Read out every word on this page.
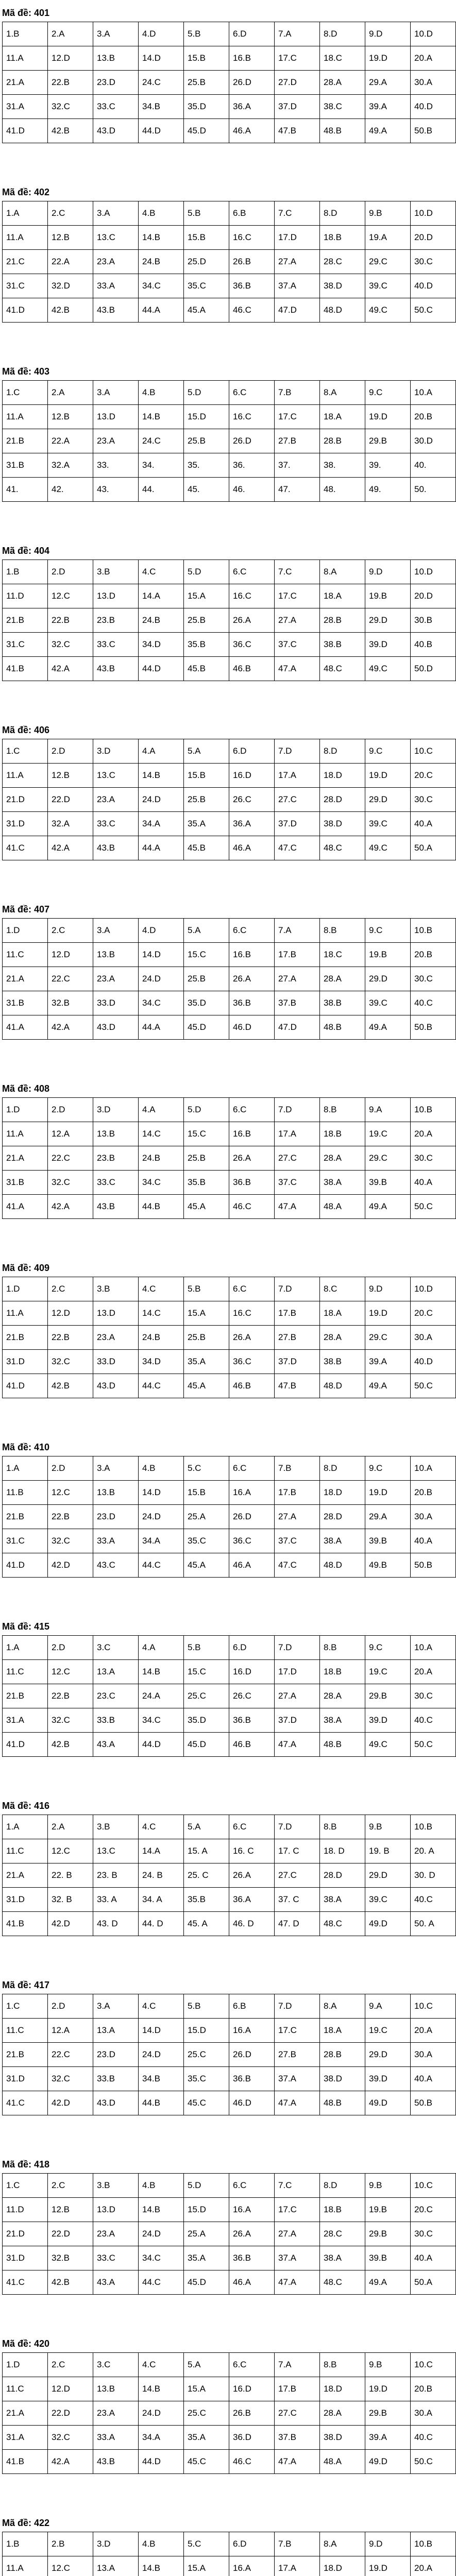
Mã đề: 401
1.B	2.A	3.A	4.D	5.B	6.D	7.A	8.D	9.D	10.D
11.A	12.D	13.B	14.D	15.B	16.B	17.C	18.C	19.D	20.A
21.A	22.B	23.D	24.C	25.B	26.D	27.D	28.A	29.A	30.A
31.A	32.C	33.C	34.B	35.D	36.A	37.D	38.C	39.A	40.D
41.D	42.B	43.D	44.D	45.D	46.A	47.B	48.B	49.A	50.B
Mã đề: 402
1.A	2.C	3.A	4.B	5.B	6.B	7.C	8.D	9.B	10.D
11.A	12.B	13.C	14.B	15.B	16.C	17.D	18.B	19.A	20.D
21.C	22.A	23.A	24.B	25.D	26.B	27.A	28.C	29.C	30.C
31.C	32.D	33.A	34.C	35.C	36.B	37.A	38.D	39.C	40.D
41.D	42.B	43.B	44.A	45.A	46.C	47.D	48.D	49.C	50.C
Mã đề: 403
1.C	2.A	3.A	4.B	5.D	6.C	7.B	8.A	9.C	10.A
11.A	12.B	13.D	14.B	15.D	16.C	17.C	18.A	19.D	20.B
21.B	22.A	23.A	24.C	25.B	26.D	27.B	28.B	29.B	30.D
31.B	32.A	33.	34.	35.	36.	37.	38.	39.	40.
41.	42.	43.	44.	45.	46.	47.	48.	49.	50.
Mã đề: 404
1.B	2.D	3.B	4.C	5.D	6.C	7.C	8.A	9.D	10.D
11.D	12.C	13.D	14.A	15.A	16.C	17.C	18.A	19.B	20.D
21.B	22.B	23.B	24.B	25.B	26.A	27.A	28.B	29.D	30.B
31.C	32.C	33.C	34.D	35.B	36.C	37.C	38.B	39.D	40.B
41.B	42.A	43.B	44.D	45.B	46.B	47.A	48.C	49.C	50.D
Mã đề: 406
1.C	2.D	3.D	4.A	5.A	6.D	7.D	8.D	9.C	10.C
11.A	12.B	13.C	14.B	15.B	16.D	17.A	18.D	19.D	20.C
21.D	22.D	23.A	24.D	25.B	26.C	27.C	28.D	29.D	30.C
31.D	32.A	33.C	34.A	35.A	36.A	37.D	38.D	39.C	40.A
41.C	42.A	43.B	44.A	45.B	46.A	47.C	48.C	49.C	50.A
Mã đề: 407
1.D	2.C	3.A	4.D	5.A	6.C	7.A	8.B	9.C	10.B
11.C	12.D	13.B	14.D	15.C	16.B	17.B	18.C	19.B	20.B
21.A	22.C	23.A	24.D	25.B	26.A	27.A	28.A	29.D	30.C
31.B	32.B	33.D	34.C	35.D	36.B	37.B	38.B	39.C	40.C
41.A	42.A	43.D	44.A	45.D	46.D	47.D	48.B	49.A	50.B
Mã đề: 408
1.D	2.D	3.D	4.A	5.D	6.C	7.D	8.B	9.A	10.B
11.A	12.A	13.B	14.C	15.C	16.B	17.A	18.B	19.C	20.A
21.A	22.C	23.B	24.B	25.B	26.A	27.C	28.A	29.C	30.C
31.B	32.C	33.C	34.C	35.B	36.B	37.C	38.A	39.B	40.A
41.A	42.A	43.B	44.B	45.A	46.C	47.A	48.A	49.A	50.C
Mã đề: 409
1.D	2.C	3.B	4.C	5.B	6.C	7.D	8.C	9.D	10.D
11.A	12.D	13.D	14.C	15.A	16.C	17.B	18.A	19.D	20.C
21.B	22.B	23.A	24.B	25.B	26.A	27.B	28.A	29.C	30.A
31.D	32.C	33.D	34.D	35.A	36.C	37.D	38.B	39.A	40.D
41.D	42.B	43.D	44.C	45.A	46.B	47.B	48.D	49.A	50.C
Mã đề: 410
1.A	2.D	3.A	4.B	5.C	6.C	7.B	8.D	9.C	10.A
11.B	12.C	13.B	14.D	15.B	16.A	17.B	18.D	19.D	20.B
21.B	22.B	23.D	24.D	25.A	26.D	27.A	28.D	29.A	30.A
31.C	32.C	33.A	34.A	35.C	36.C	37.C	38.A	39.B	40.A
41.D	42.D	43.C	44.C	45.A	46.A	47.C	48.D	49.B	50.B
Mã đề: 415
1.A	2.D	3.C	4.A	5.B	6.D	7.D	8.B	9.C	10.A
11.C	12.C	13.A	14.B	15.C	16.D	17.D	18.B	19.C	20.A
21.B	22.B	23.C	24.A	25.C	26.C	27.A	28.A	29.B	30.C
31.A	32.C	33.B	34.C	35.D	36.B	37.D	38.A	39.D	40.C
41.D	42.B	43.A	44.D	45.D	46.B	47.A	48.B	49.C	50.C
Mã đề: 416
1.A	2.A	3.B	4.C	5.A	6.C	7.D	8.B	9.B	10.B
11.C	12.C	13.C	14.A	15. A	16. C	17. C	18. D	19. B	20. A
21.A	22. B	23. B	24. B	25. C	26.A	27.C	28.D	29.D	30. D
31.D	32. B	33. A	34. A	35.B	36.A	37. C	38.A	39.C	40.C
41.B	42.D	43. D	44. D	45. A	46. D	47. D	48.C	49.D	50. A
Mã đề: 417
1.C	2.D	3.A	4.C	5.B	6.B	7.D	8.A	9.A	10.C
11.C	12.A	13.A	14.D	15.D	16.A	17.C	18.A	19.C	20.A
21.B	22.C	23.D	24.D	25.C	26.D	27.B	28.B	29.D	30.A
31.D	32.C	33.B	34.B	35.C	36.B	37.A	38.D	39.D	40.A
41.C	42.D	43.D	44.B	45.C	46.D	47.A	48.B	49.D	50.B
Mã đề: 418
1.C	2.C	3.B	4.B	5.D	6.C	7.C	8.D	9.B	10.C
11.D	12.B	13.D	14.B	15.D	16.A	17.C	18.B	19.B	20.C
21.D	22.D	23.A	24.D	25.A	26.A	27.A	28.C	29.B	30.C
31.D	32.B	33.C	34.C	35.A	36.B	37.A	38.A	39.B	40.A
41.C	42.B	43.A	44.C	45.D	46.A	47.A	48.C	49.A	50.A
Mã đề: 420
1.D	2.C	3.C	4.C	5.A	6.C	7.A	8.B	9.B	10.C
11.C	12.D	13.B	14.B	15.A	16.D	17.B	18.D	19.D	20.B
21.A	22.D	23.A	24.D	25.C	26.B	27.C	28.A	29.B	30.A
31.A	32.C	33.A	34.A	35.A	36.D	37.B	38.D	39.A	40.C
41.B	42.A	43.B	44.D	45.C	46.C	47.A	48.A	49.D	50.C
Mã đề: 422
1.B	2.B	3.D	4.B	5.C	6.D	7.B	8.A	9.D	10.B
11.A	12.C	13.A	14.B	15.A	16.A	17.A	18.D	19.D	20.A
